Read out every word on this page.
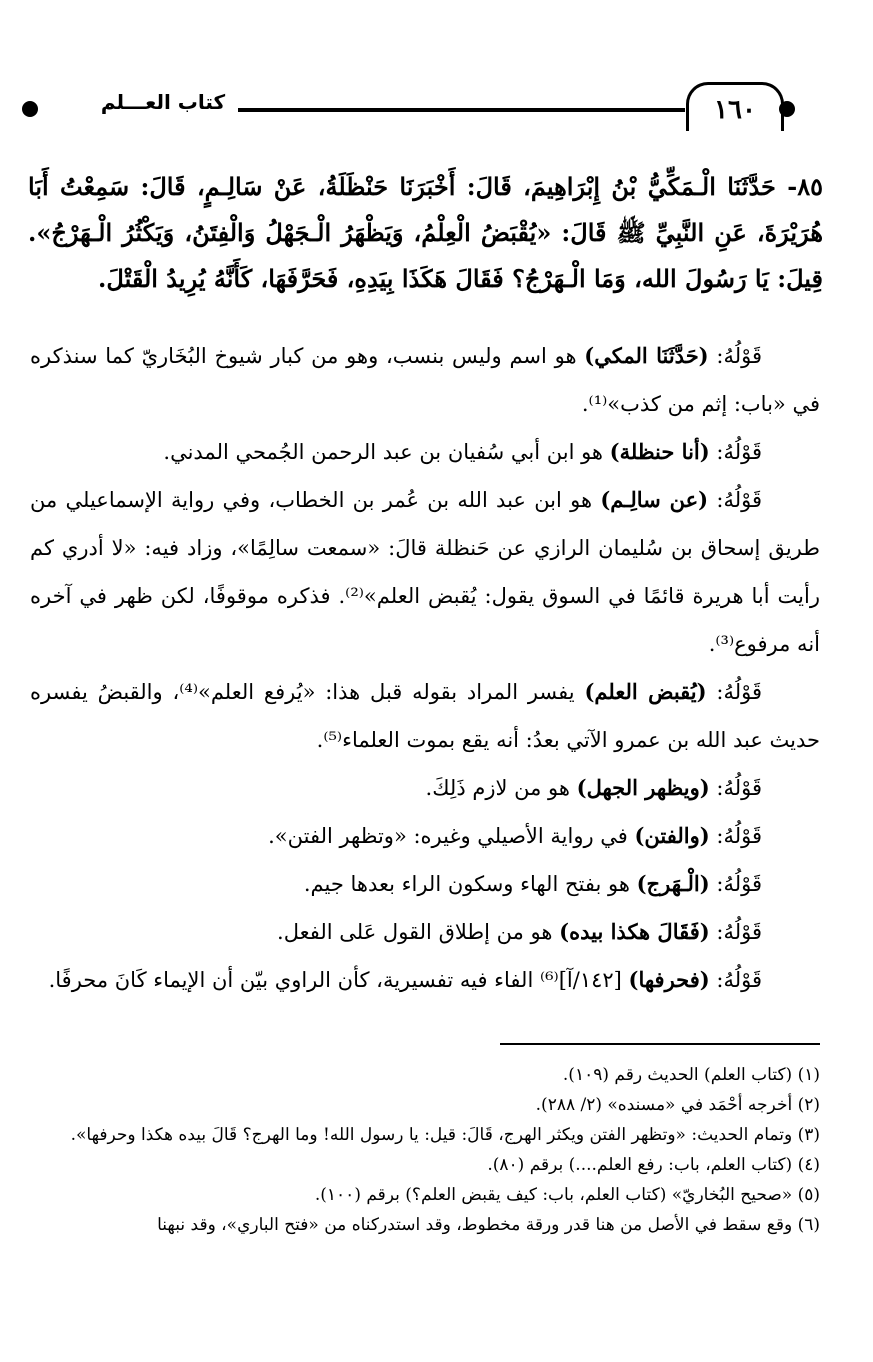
كتاب العـــلم	١٦٠
٨٥- حَدَّثَنَا الْـمَكِّيُّ بْنُ إِبْرَاهِيمَ، قَالَ: أَخْبَرَنَا حَنْظَلَةُ، عَنْ سَالِـمٍ، قَالَ: سَمِعْتُ أَبَا هُرَيْرَةَ، عَنِ النَّبِيِّ ﷺ قَالَ: «يُقْبَضُ الْعِلْمُ، وَيَظْهَرُ الْـجَهْلُ وَالْفِتَنُ، وَيَكْثُرُ الْـهَرْجُ». قِيلَ: يَا رَسُولَ الله، وَمَا الْـهَرْجُ؟ فَقَالَ هَكَذَا بِيَدِهِ، فَحَرَّفَهَا، كَأَنَّهُ يُرِيدُ الْقَتْلَ.

قَوْلُهُ: (حَدَّثَنَا المكي) هو اسم وليس بنسب، وهو من كبار شيوخ البُخَاريّ كما سنذكره في «باب: إثم من كذب»⁽¹⁾.

قَوْلُهُ: (أنا حنظلة) هو ابن أبي سُفيان بن عبد الرحمن الجُمحي المدني.

قَوْلُهُ: (عن سالِـم) هو ابن عبد الله بن عُمر بن الخطاب، وفي رواية الإسماعيلي من طريق إسحاق بن سُليمان الرازي عن حَنظلة قالَ: «سمعت سالِمًا»، وزاد فيه: «لا أدري كم رأيت أبا هريرة قائمًا في السوق يقول: يُقبض العلم»⁽²⁾. فذكره موقوفًا، لكن ظهر في آخره أنه مرفوع⁽³⁾.

قَوْلُهُ: (يُقبض العلم) يفسر المراد بقوله قبل هذا: «يُرفع العلم»⁽⁴⁾، والقبضُ يفسره حديث عبد الله بن عمرو الآتي بعدُ: أنه يقع بموت العلماء⁽⁵⁾.

قَوْلُهُ: (ويظهر الجهل) هو من لازم ذَلِكَ.

قَوْلُهُ: (والفتن) في رواية الأصيلي وغيره: «وتظهر الفتن».

قَوْلُهُ: (الْـهَرج) هو بفتح الهاء وسكون الراء بعدها جيم.

قَوْلُهُ: (فَقَالَ هكذا بيده) هو من إطلاق القول عَلى الفعل.

قَوْلُهُ: (فحرفها) [١٤٢/آ]⁽⁶⁾ الفاء فيه تفسيرية، كأن الراوي بيّن أن الإيماء كَانَ محرفًا.

(١) (كتاب العلم) الحديث رقم (١٠٩).

(٢) أخرجه أحْمَد في «مسنده» (٢/ ٢٨٨).

(٣) وتمام الحديث: «وتظهر الفتن ويكثر الهرج، قَالَ: قيل: يا رسول الله! وما الهرج؟ قَالَ بيده هكذا وحرفها».

(٤) (كتاب العلم، باب: رفع العلم....) برقم (٨٠).

(٥) «صحيح البُخاريّ» (كتاب العلم، باب: كيف يقبض العلم؟) برقم (١٠٠).

(٦) وقع سقط في الأصل من هنا قدر ورقة مخطوط، وقد استدركناه من «فتح الباري»، وقد نبهنا
